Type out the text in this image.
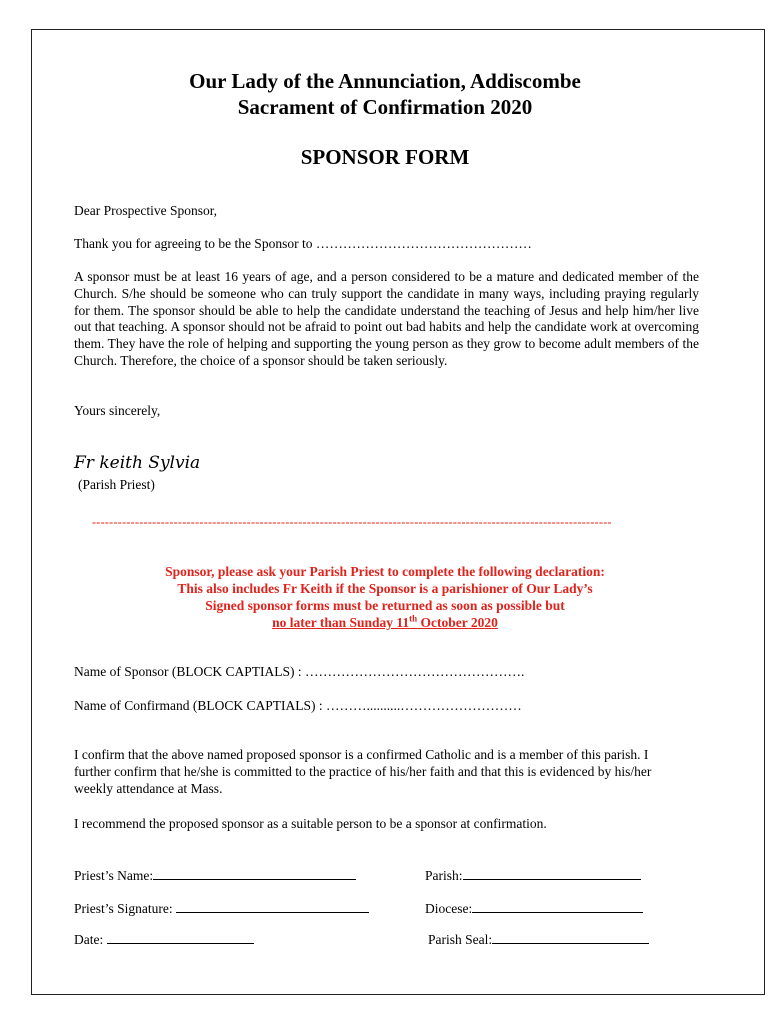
Our Lady of the Annunciation, Addiscombe
Sacrament of Confirmation 2020
SPONSOR FORM
Dear Prospective Sponsor,
Thank you for agreeing to be the Sponsor to …………………………………………
A sponsor must be at least 16 years of age, and a person considered to be a mature and dedicated member of the Church. S/he should be someone who can truly support the candidate in many ways, including praying regularly for them. The sponsor should be able to help the candidate understand the teaching of Jesus and help him/her live out that teaching. A sponsor should not be afraid to point out bad habits and help the candidate work at overcoming them. They have the role of helping and supporting the young person as they grow to become adult members of the Church. Therefore, the choice of a sponsor should be taken seriously.
Yours sincerely,
Fr keith Sylvia
(Parish Priest)
-------------------------------------------------------------------------------------------------------------------------
Sponsor, please ask your Parish Priest to complete the following declaration:
This also includes Fr Keith if the Sponsor is a parishioner of Our Lady’s
Signed sponsor forms must be returned as soon as possible but
no later than Sunday 11th October 2020
Name of Sponsor (BLOCK CAPTIALS) : ………………………………………….
Name of Confirmand (BLOCK CAPTIALS) : ………..........………………………
I confirm that the above named proposed sponsor is a confirmed Catholic and is a member of this parish. I further confirm that he/she is committed to the practice of his/her faith and that this is evidenced by his/her weekly attendance at Mass.
I recommend the proposed sponsor as a suitable person to be a sponsor at confirmation.
Priest’s Name:	Parish:
Priest’s Signature:	Diocese:
Date:	Parish Seal:
